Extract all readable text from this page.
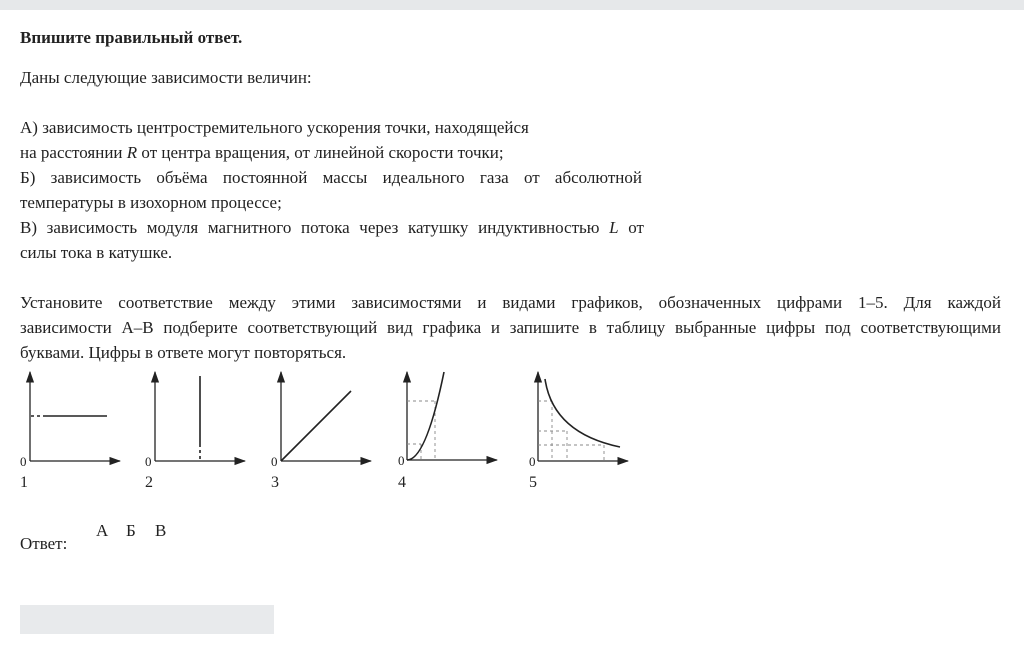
Впишите правильный ответ.
Даны следующие зависимости величин:
А) зависимость центростремительного ускорения точки, находящейся
на расстоянии R от центра вращения, от линейной скорости точки;
Б) зависимость объёма постоянной массы идеального газа от абсолютной
температуры в изохорном процессе;
В) зависимость модуля магнитного потока через катушку индуктивностью L от
силы тока в катушке.
Установите соответствие между этими зависимостями и видами графиков, обозначенных цифрами 1–5. Для каждой
зависимости А–В подберите соответствующий вид графика и запишите в таблицу выбранные цифры под соответствующими
буквами. Цифры в ответе могут повторяться.
0
1
0
2
0
3
0
4
0
5
Ответ:
А Б В
